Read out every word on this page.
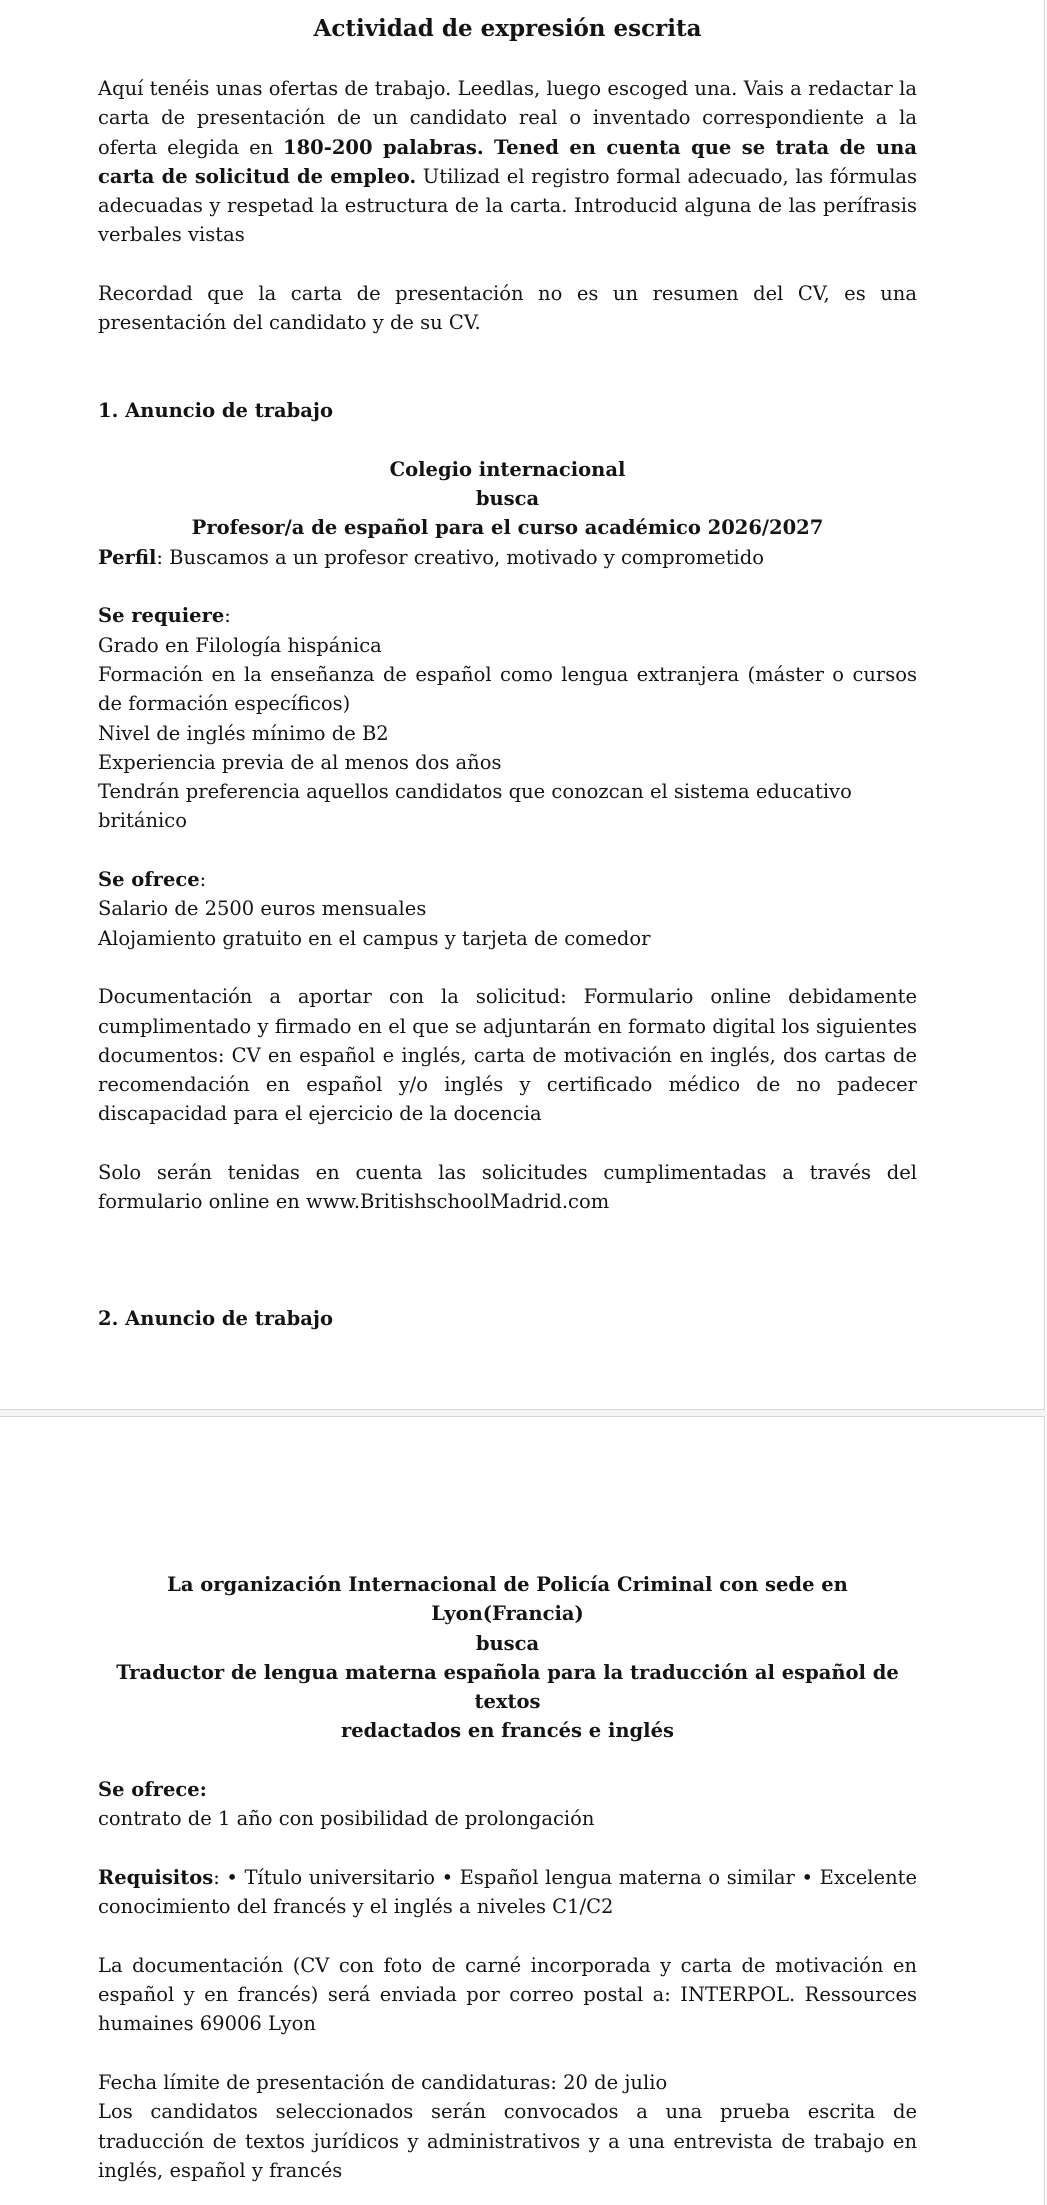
Actividad de expresión escrita

Aquí tenéis unas ofertas de trabajo. Leedlas, luego escoged una. Vais a redactar la carta de presentación de un candidato real o inventado correspondiente a la oferta elegida en 180-200 palabras. Tened en cuenta que se trata de una carta de solicitud de empleo. Utilizad el registro formal adecuado, las fórmulas adecuadas y respetad la estructura de la carta. Introducid alguna de las perífrasis verbales vistas

Recordad que la carta de presentación no es un resumen del CV, es una presentación del candidato y de su CV.

1. Anuncio de trabajo

Colegio internacional

busca

Profesor/a de español para el curso académico 2026/2027

Perfil: Buscamos a un profesor creativo, motivado y comprometido

Se requiere:

Grado en Filología hispánica

Formación en la enseñanza de español como lengua extranjera (máster o cursos de formación específicos)

Nivel de inglés mínimo de B2

Experiencia previa de al menos dos años

Tendrán preferencia aquellos candidatos que conozcan el sistema educativo británico

Se ofrece:

Salario de 2500 euros mensuales

Alojamiento gratuito en el campus y tarjeta de comedor

Documentación a aportar con la solicitud: Formulario online debidamente cumplimentado y firmado en el que se adjuntarán en formato digital los siguientes documentos: CV en español e inglés, carta de motivación en inglés, dos cartas de recomendación en español y/o inglés y certificado médico de no padecer discapacidad para el ejercicio de la docencia

Solo serán tenidas en cuenta las solicitudes cumplimentadas a través del formulario online en www.BritishschoolMadrid.com

2. Anuncio de trabajo

La organización Internacional de Policía Criminal con sede en Lyon(Francia)

busca

Traductor de lengua materna española para la traducción al español de textos

redactados en francés e inglés

Se ofrece:

contrato de 1 año con posibilidad de prolongación

Requisitos: • Título universitario • Español lengua materna o similar • Excelente conocimiento del francés y el inglés a niveles C1/C2

La documentación (CV con foto de carné incorporada y carta de motivación en español y en francés) será enviada por correo postal a: INTERPOL. Ressources humaines 69006 Lyon

Fecha límite de presentación de candidaturas: 20 de julio

Los candidatos seleccionados serán convocados a una prueba escrita de traducción de textos jurídicos y administrativos y a una entrevista de trabajo en inglés, español y francés
